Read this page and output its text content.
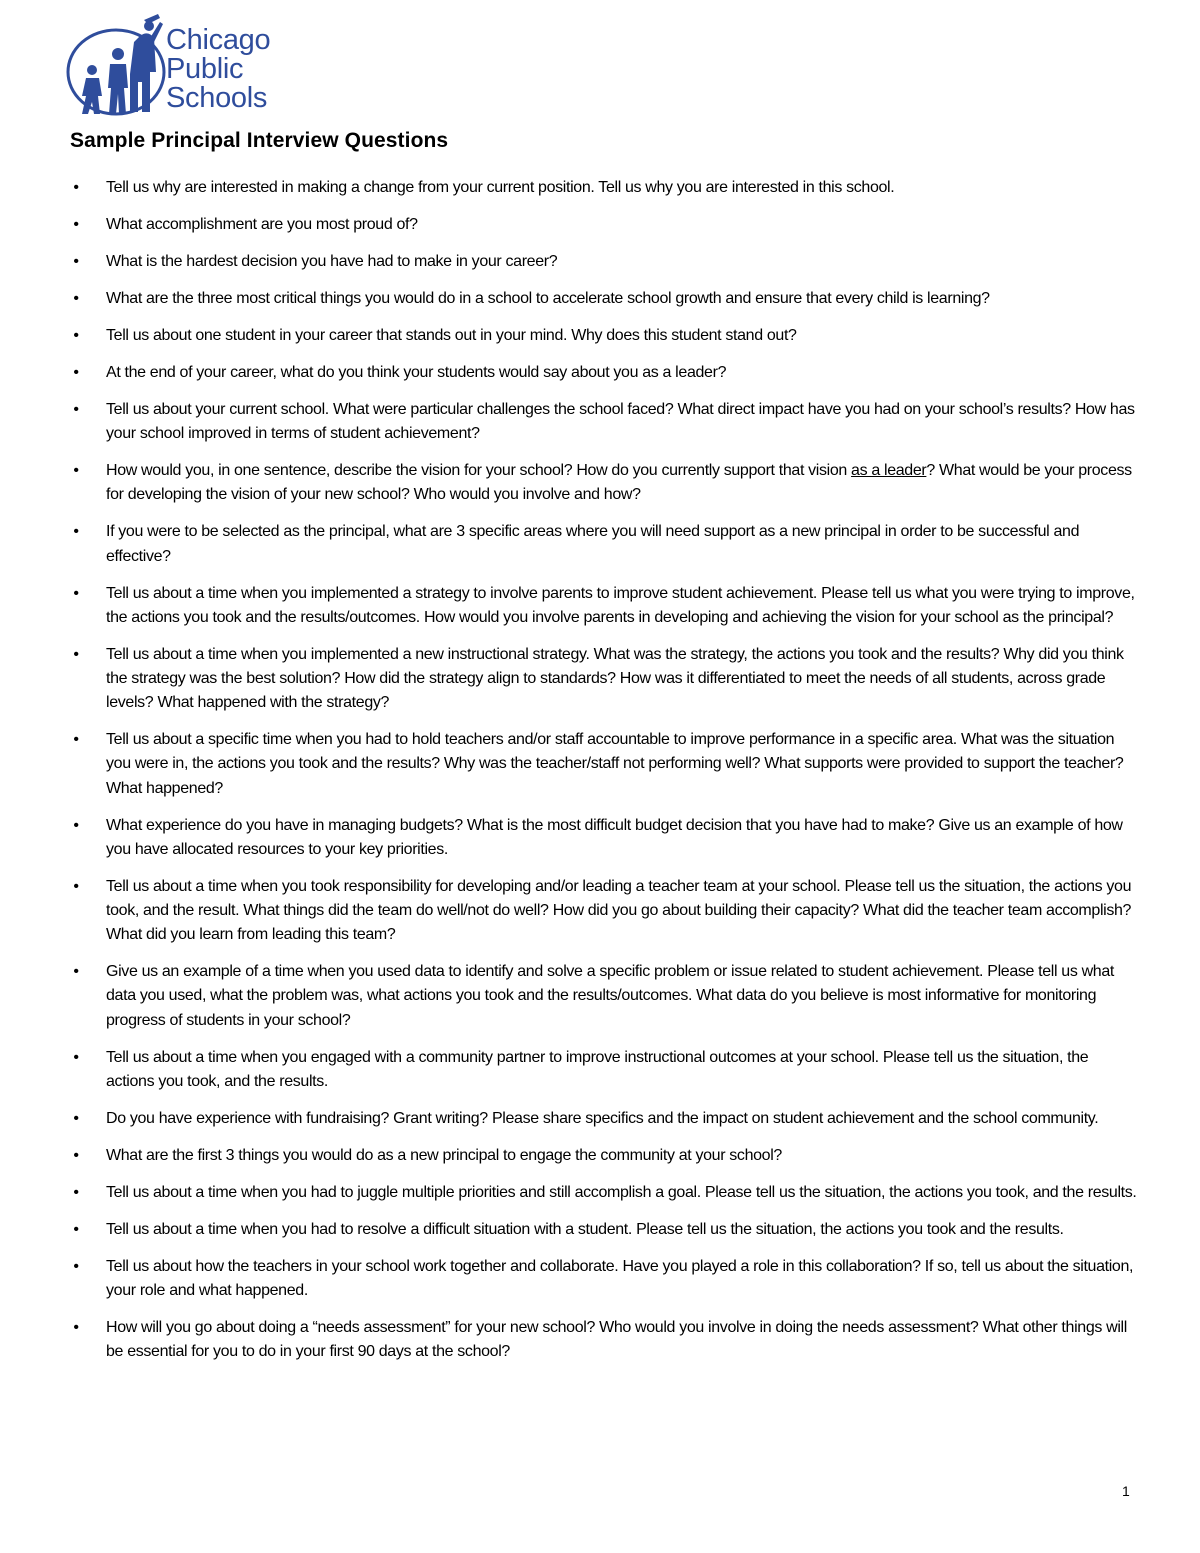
Chicago
Public
Schools
Sample Principal Interview Questions
• Tell us why are interested in making a change from your current position. Tell us why you are interested in this school.
• What accomplishment are you most proud of?
• What is the hardest decision you have had to make in your career?
• What are the three most critical things you would do in a school to accelerate school growth and ensure that every child is learning?
• Tell us about one student in your career that stands out in your mind. Why does this student stand out?
• At the end of your career, what do you think your students would say about you as a leader?
• Tell us about your current school. What were particular challenges the school faced? What direct impact have you had on your school’s results? How has your school improved in terms of student achievement?
• How would you, in one sentence, describe the vision for your school? How do you currently support that vision as a leader? What would be your process for developing the vision of your new school? Who would you involve and how?
• If you were to be selected as the principal, what are 3 specific areas where you will need support as a new principal in order to be successful and effective?
• Tell us about a time when you implemented a strategy to involve parents to improve student achievement. Please tell us what you were trying to improve, the actions you took and the results/outcomes. How would you involve parents in developing and achieving the vision for your school as the principal?
• Tell us about a time when you implemented a new instructional strategy. What was the strategy, the actions you took and the results? Why did you think the strategy was the best solution? How did the strategy align to standards? How was it differentiated to meet the needs of all students, across grade levels? What happened with the strategy?
• Tell us about a specific time when you had to hold teachers and/or staff accountable to improve performance in a specific area. What was the situation you were in, the actions you took and the results? Why was the teacher/staff not performing well? What supports were provided to support the teacher? What happened?
• What experience do you have in managing budgets? What is the most difficult budget decision that you have had to make? Give us an example of how you have allocated resources to your key priorities.
• Tell us about a time when you took responsibility for developing and/or leading a teacher team at your school. Please tell us the situation, the actions you took, and the result. What things did the team do well/not do well? How did you go about building their capacity? What did the teacher team accomplish? What did you learn from leading this team?
• Give us an example of a time when you used data to identify and solve a specific problem or issue related to student achievement. Please tell us what data you used, what the problem was, what actions you took and the results/outcomes. What data do you believe is most informative for monitoring progress of students in your school?
• Tell us about a time when you engaged with a community partner to improve instructional outcomes at your school. Please tell us the situation, the actions you took, and the results.
• Do you have experience with fundraising? Grant writing? Please share specifics and the impact on student achievement and the school community.
• What are the first 3 things you would do as a new principal to engage the community at your school?
• Tell us about a time when you had to juggle multiple priorities and still accomplish a goal. Please tell us the situation, the actions you took, and the results.
• Tell us about a time when you had to resolve a difficult situation with a student. Please tell us the situation, the actions you took and the results.
• Tell us about how the teachers in your school work together and collaborate. Have you played a role in this collaboration? If so, tell us about the situation, your role and what happened.
• How will you go about doing a “needs assessment” for your new school? Who would you involve in doing the needs assessment? What other things will be essential for you to do in your first 90 days at the school?
1
